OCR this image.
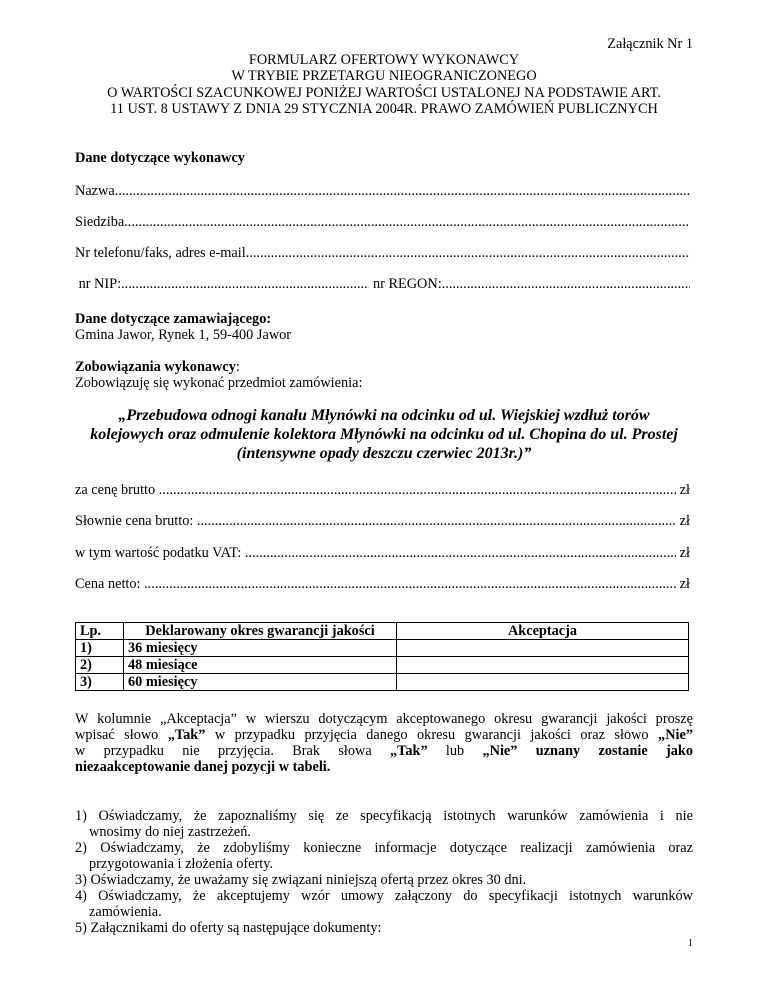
Załącznik Nr 1
FORMULARZ OFERTOWY WYKONAWCY
W TRYBIE PRZETARGU NIEOGRANICZONEGO
O WARTOŚCI SZACUNKOWEJ PONIŻEJ WARTOŚCI USTALONEJ NA PODSTAWIE ART.
11 UST. 8 USTAWY Z DNIA 29 STYCZNIA 2004R. PRAWO ZAMÓWIEŃ PUBLICZNYCH
Dane dotyczące wykonawcy
Nazwa
.....
Siedziba
.....
Nr telefonu/faks, adres e-mail
.....
nr NIP: .....	nr REGON:
.....
Dane dotyczące zamawiającego:
Gmina Jawor, Rynek 1, 59-400 Jawor
Zobowiązania wykonawcy:
Zobowiązuję się wykonać przedmiot zamówienia:
„Przebudowa odnogi kanału Młynówki na odcinku od ul. Wiejskiej wzdłuż torów
kolejowych oraz odmulenie kolektora Młynówki na odcinku od ul. Chopina do ul. Prostej
(intensywne opady deszczu czerwiec 2013r.)”
za cenę brutto .....	zł
Słownie cena brutto: .....	zł
w tym wartość podatku VAT: .....	zł
Cena netto: .....	zł
Lp.	Deklarowany okres gwarancji jakości	Akceptacja
1)	36 miesięcy	
2)	48 miesiące	
3)	60 miesięcy	
W kolumnie „Akceptacja” w wierszu dotyczącym akceptowanego okresu gwarancji jakości proszę
wpisać słowo „Tak” w przypadku przyjęcia danego okresu gwarancji jakości oraz słowo „Nie”
w przypadku nie przyjęcia. Brak słowa „Tak” lub „Nie” uznany zostanie jako
niezaakceptowanie danej pozycji w tabeli.
1) Oświadczamy, że zapoznaliśmy się ze specyfikacją istotnych warunków zamówienia i nie
wnosimy do niej zastrzeżeń.
2) Oświadczamy, że zdobyliśmy konieczne informacje dotyczące realizacji zamówienia oraz
przygotowania i złożenia oferty.
3) Oświadczamy, że uważamy się związani niniejszą ofertą przez okres 30 dni.
4) Oświadczamy, że akceptujemy wzór umowy załączony do specyfikacji istotnych warunków
zamówienia.
5) Załącznikami do oferty są następujące dokumenty:
1
